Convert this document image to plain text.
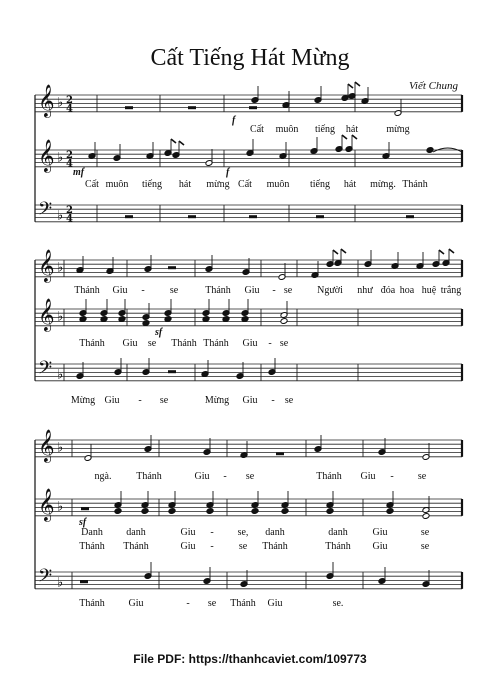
Cất Tiếng Hát Mừng
Viết Chung
𝄞 ♭ 2
4
Cất muôn tiếng hát	mừng
f
𝄞 ♭ 2
4
Cất muôn tiếng hát mừng Cất muôn tiếng hát mừng. Thánh
mf	f
𝄢 ♭ 2
4
𝄞 ♭
Thánh Giu -	se	Thánh Giu - se Người như đóa hoa huệ trắng
𝄞 ♭
Thánh Giu se Thánh Thánh Giu - se
sf
𝄢 ♭
Mừng Giu - se	Mừng Giu - se
𝄞 ♭
ngà. Thánh	Giu - se	Thánh Giu - se
𝄞 ♭
Danh danh	Giu - se, danh	danh Giu	se
Thánh Thánh	Giu -	se Thánh	Thánh Giu	se
sf
𝄢 ♭
Thánh Giu	- se Thánh Giu	se.
File PDF: https://thanhcaviet.com/109773
